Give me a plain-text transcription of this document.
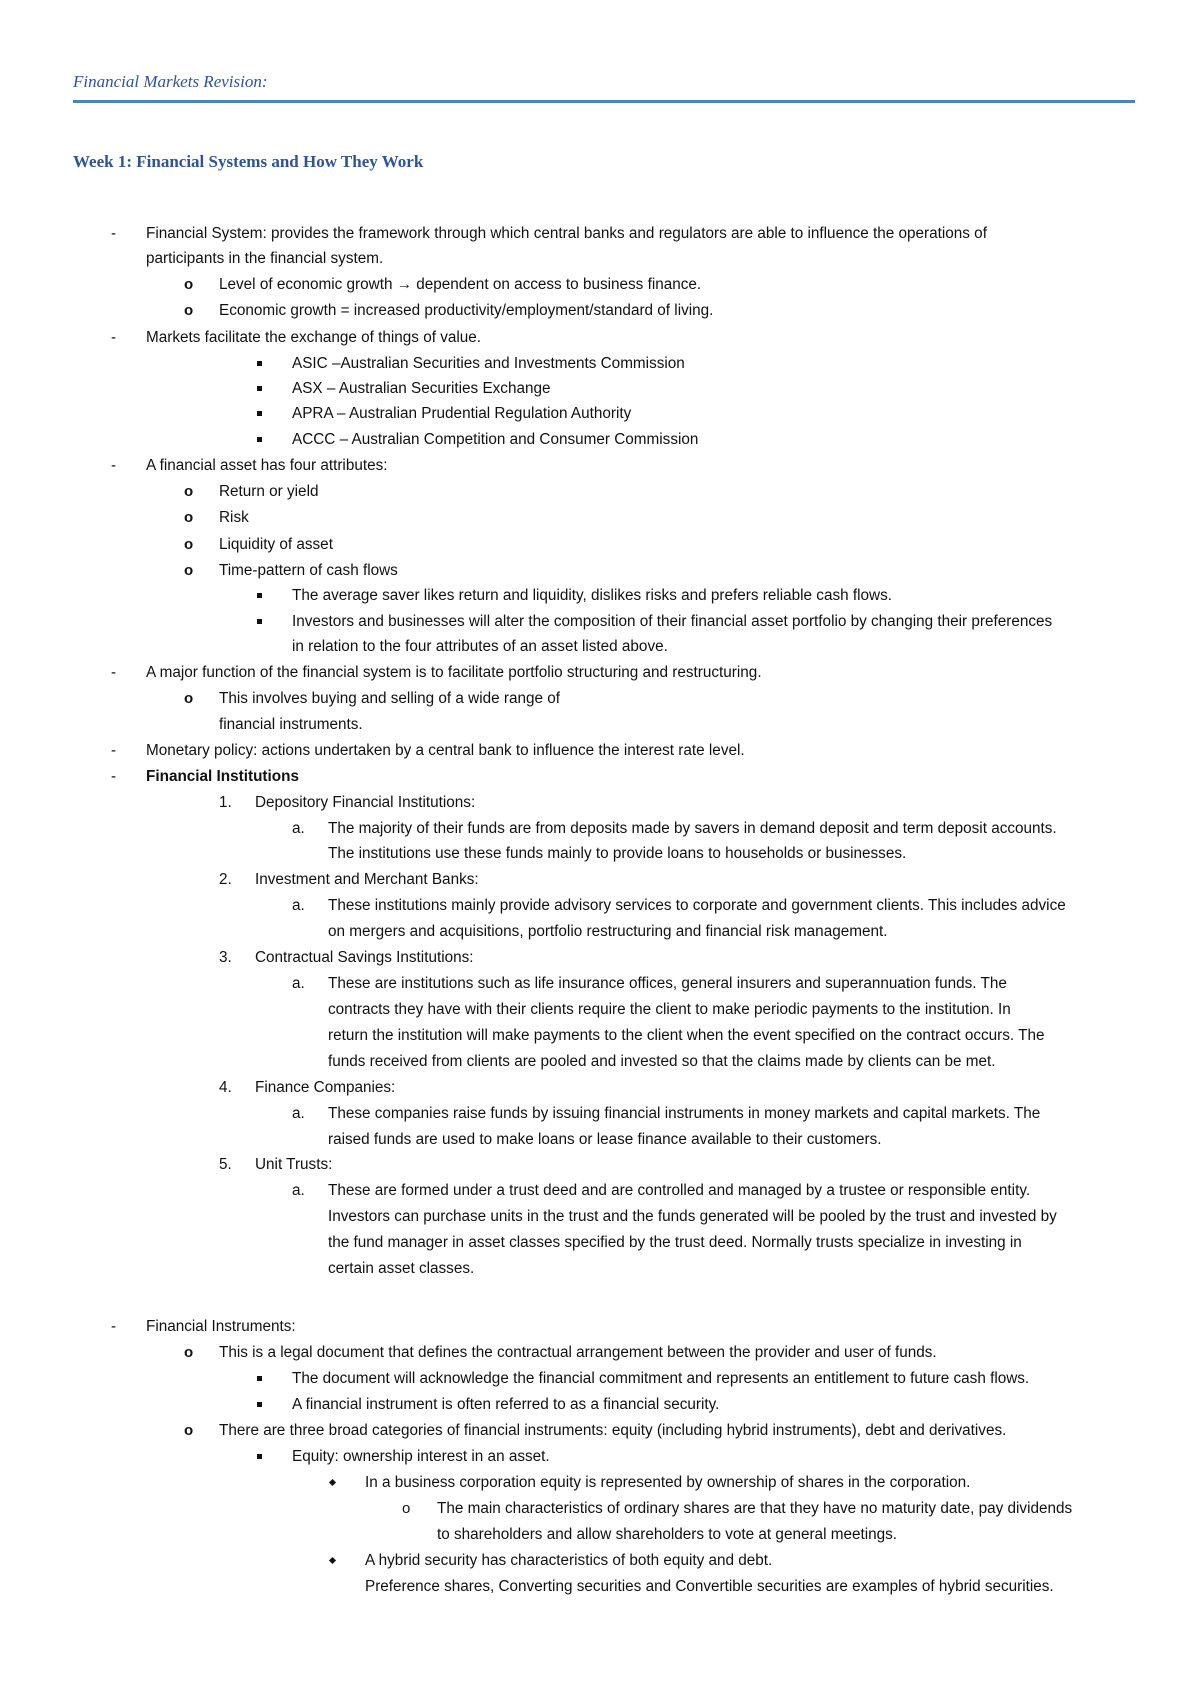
Financial Markets Revision:
Week 1: Financial Systems and How They Work
- Financial System: provides the framework through which central banks and regulators are able to influence the operations of
participants in the financial system.
o Level of economic growth → dependent on access to business finance.
o Economic growth = increased productivity/employment/standard of living.
- Markets facilitate the exchange of things of value.
ASIC –Australian Securities and Investments Commission
ASX – Australian Securities Exchange
APRA – Australian Prudential Regulation Authority
ACCC – Australian Competition and Consumer Commission
- A financial asset has four attributes:
o Return or yield
o Risk
o Liquidity of asset
o Time-pattern of cash flows
The average saver likes return and liquidity, dislikes risks and prefers reliable cash flows.
Investors and businesses will alter the composition of their financial asset portfolio by changing their preferences
in relation to the four attributes of an asset listed above.
- A major function of the financial system is to facilitate portfolio structuring and restructuring.
o This involves buying and selling of a wide range of
financial instruments.
- Monetary policy: actions undertaken by a central bank to influence the interest rate level.
- Financial Institutions
1. Depository Financial Institutions:
a. The majority of their funds are from deposits made by savers in demand deposit and term deposit accounts.
The institutions use these funds mainly to provide loans to households or businesses.
2. Investment and Merchant Banks:
a. These institutions mainly provide advisory services to corporate and government clients. This includes advice
on mergers and acquisitions, portfolio restructuring and financial risk management.
3. Contractual Savings Institutions:
a. These are institutions such as life insurance offices, general insurers and superannuation funds. The
contracts they have with their clients require the client to make periodic payments to the institution. In
return the institution will make payments to the client when the event specified on the contract occurs. The
funds received from clients are pooled and invested so that the claims made by clients can be met.
4. Finance Companies:
a. These companies raise funds by issuing financial instruments in money markets and capital markets. The
raised funds are used to make loans or lease finance available to their customers.
5. Unit Trusts:
a. These are formed under a trust deed and are controlled and managed by a trustee or responsible entity.
Investors can purchase units in the trust and the funds generated will be pooled by the trust and invested by
the fund manager in asset classes specified by the trust deed. Normally trusts specialize in investing in
certain asset classes.
- Financial Instruments:
o This is a legal document that defines the contractual arrangement between the provider and user of funds.
The document will acknowledge the financial commitment and represents an entitlement to future cash flows.
A financial instrument is often referred to as a financial security.
o There are three broad categories of financial instruments: equity (including hybrid instruments), debt and derivatives.
Equity: ownership interest in an asset.
In a business corporation equity is represented by ownership of shares in the corporation.
o The main characteristics of ordinary shares are that they have no maturity date, pay dividends
to shareholders and allow shareholders to vote at general meetings.
A hybrid security has characteristics of both equity and debt.
Preference shares, Converting securities and Convertible securities are examples of hybrid securities.
